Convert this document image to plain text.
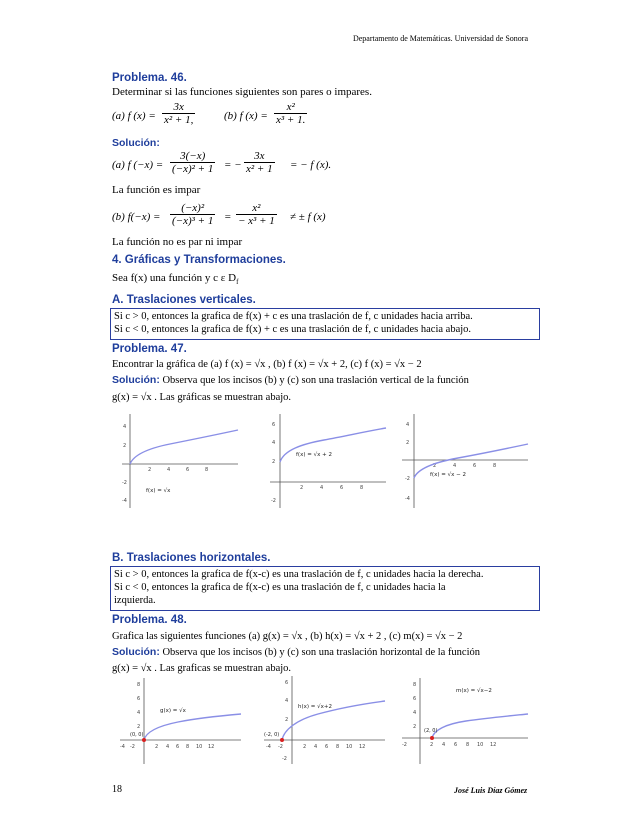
Departamento de Matemáticas. Universidad de Sonora
Problema. 46.
Determinar si las funciones siguientes son pares o impares.
(a) f $(x) = \frac{3x}{\text{x² + 1,}}$	(b) f $(x) = \frac{\text{x²}}{\text{x³ + 1.}}$
Solución:
(a) f $(-x) = \frac{3(-x)}{\text{(−x)² + 1}}$ = − $\frac{3x}{\text{x² + 1}}$ = − f (x).
La función es impar
(b) $f(-x) = \frac{\text{(−x)²}}{\text{(−x)³ + 1}} = \frac{\text{x²}}{\text{− x³ + 1}}$ ≠ ± f (x)
La función no es par ni impar
4. Gráficas y Transformaciones.
Sea f(x) una función y c ε $D_f$
A. Traslaciones verticales.
Si c > 0, entonces la grafica de f(x) + c es una traslación de f, c unidades hacia arriba.
Si c < 0, entonces la grafica de f(x) + c es una traslación de f, c unidades hacia abajo.
Problema. 47.
Encontrar la gráfica de (a) f (x) = √x , (b) f (x) = √x + 2, (c) f (x) = √x − 2
Solución: Observa que los incisos (b) y (c) son una traslación vertical de la función
g(x) = √x . Las gráficas se muestran abajo.
4
2
-2
-4
2	4	6	8
f(x) = √x
6
4
2
-2
2	4	6	8
f(x) = √x + 2
4
2
-2
-4
2	4	6	8
f(x) = √x − 2
B. Traslaciones horizontales.
Si c > 0, entonces la grafica de f(x-c) es una traslación de f, c unidades hacia la derecha.
Si c < 0, entonces la grafica de f(x-c) es una traslación de f, c unidades hacia la
izquierda.
Problema. 48.
Grafica las siguientes funciones (a) g(x) = √x , (b) h(x) = √x + 2 , (c) m(x) = √x − 2
Solución: Observa que los incisos (b) y (c) son una traslación horizontal de la función
g(x) = √x . Las graficas se muestran abajo.
8
6
4
2
-4 -2	2 4 6 8 10 12
(0, 0)
g(x) = √x
6
4
2
-2
-4 -2	2 4 6 8 10 12
(-2, 0)
h(x) = √x+2
8
6
4
2
-2	2 4 6 8 10 12
(2, 0)
m(x) = √x−2
18	José Luis Díaz Gómez
